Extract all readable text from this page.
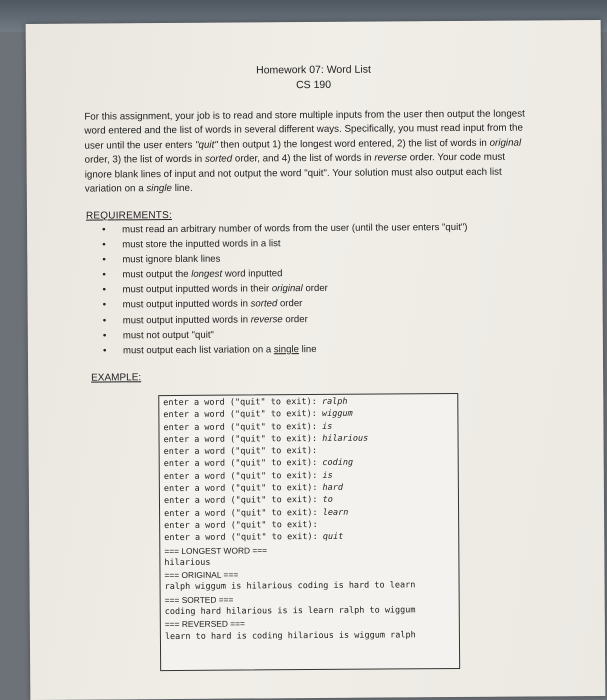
Homework 07: Word List
CS 190

For this assignment, your job is to read and store multiple inputs from the user then output the longest word entered and the list of words in several different ways. Specifically, you must read input from the user until the user enters "quit" then output 1) the longest word entered, 2) the list of words in original order, 3) the list of words in sorted order, and 4) the list of words in reverse order. Your code must ignore blank lines of input and not output the word "quit". Your solution must also output each list variation on a single line.

REQUIREMENTS:
• must read an arbitrary number of words from the user (until the user enters "quit")
• must store the inputted words in a list
• must ignore blank lines
• must output the longest word inputted
• must output inputted words in their original order
• must output inputted words in sorted order
• must output inputted words in reverse order
• must not output "quit"
• must output each list variation on a single line
EXAMPLE:
enter a word ("quit" to exit): ralph
enter a word ("quit" to exit): wiggum
enter a word ("quit" to exit): is
enter a word ("quit" to exit): hilarious
enter a word ("quit" to exit):
enter a word ("quit" to exit): coding
enter a word ("quit" to exit): is
enter a word ("quit" to exit): hard
enter a word ("quit" to exit): to
enter a word ("quit" to exit): learn
enter a word ("quit" to exit):
enter a word ("quit" to exit): quit
=== LONGEST WORD ===
hilarious
=== ORIGINAL ===
ralph wiggum is hilarious coding is hard to learn
=== SORTED ===
coding hard hilarious is is learn ralph to wiggum
=== REVERSED ===
learn to hard is coding hilarious is wiggum ralph
